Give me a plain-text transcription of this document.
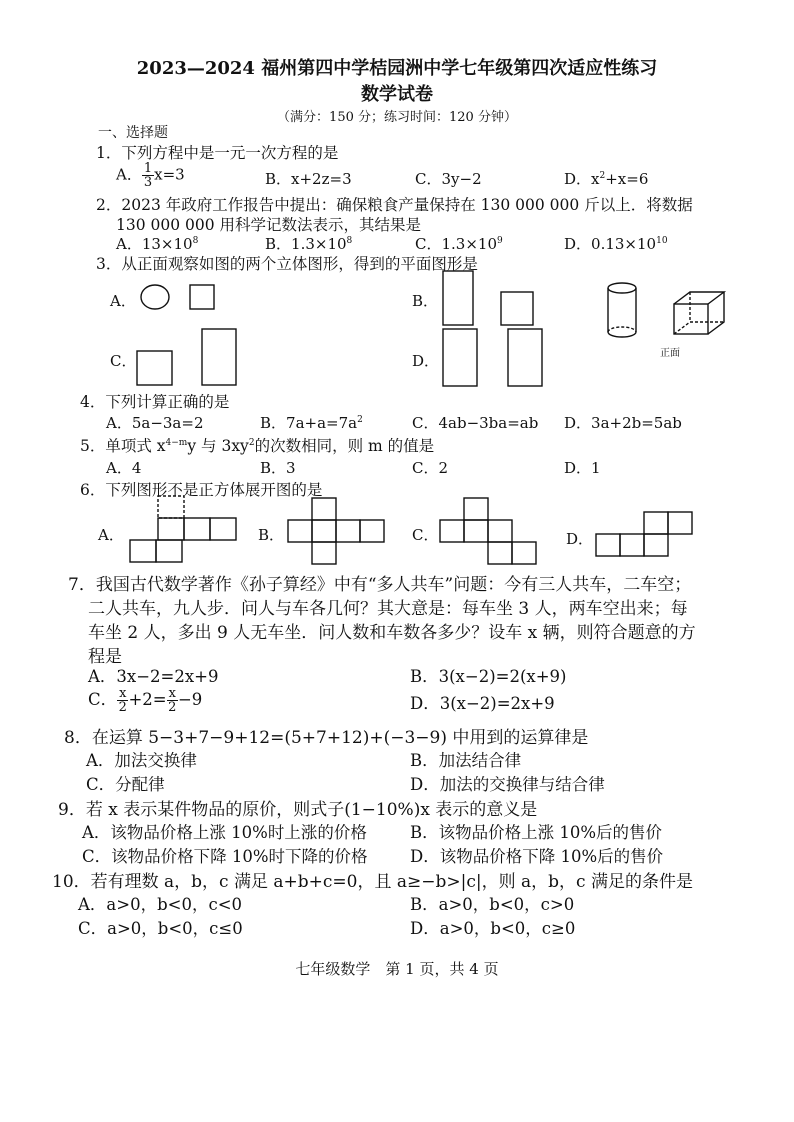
2023—2024 福州第四中学桔园洲中学七年级第四次适应性练习
数学试卷
（满分：150 分；练习时间：120 分钟）
一、选择题
1．下列方程中是一元一次方程的是
A． $\frac{1}{3} x=3$	B．x+2z=3	C．3y−2	D．$x^2+x=6$
2．2023 年政府工作报告中提出：确保粮食产量保持在 130 000 000 斤以上．将数据
130 000 000 用科学记数法表示，其结果是
A．$13\times 10^8$	B．$1.3\times 10^8$	C．$1.3\times 10^9$	D．$0.13\times 10^{10}$
3．从正面观察如图的两个立体图形，得到的平面图形是
A．	B．
C．	D．	正面
4．下列计算正确的是
A．5a−3a=2	B．$7a+a=7a^2$	C．4ab−3ba=ab D．3a+2b=5ab
5．单项式 $x^{4-m}y$ 与 $3xy^2$的次数相同，则 m 的值是
A．4	B．3	C．2	D．1
6．下列图形不是正方体展开图的是
A．	B．	C．	D．
7．我国古代数学著作《孙子算经》中有“多人共车”问题：今有三人共车，二车空；
二人共车，九人步．问人与车各几何？其大意是：每车坐 3 人，两车空出来；每
车坐 2 人，多出 9 人无车坐．问人数和车数各多少？设车 x 辆，则符合题意的方
程是
A．3x−2=2x+9	B．3(x−2)=2(x+9)
C． $\frac{x}{2} +2= \frac{x}{2} -9$	D．3(x−2)=2x+9
8．在运算 5−3+7−9+12=(5+7+12)+(−3−9) 中用到的运算律是
A．加法交换律	B．加法结合律
C．分配律	D．加法的交换律与结合律
9．若 x 表示某件物品的原价，则式子(1−10%)x 表示的意义是
A．该物品价格上涨 10%时上涨的价格	B．该物品价格上涨 10%后的售价
C．该物品价格下降 10%时下降的价格	D．该物品价格下降 10%后的售价
10．若有理数 a，b，c 满足 a+b+c=0，且 a≥−b>|c|，则 a，b，c 满足的条件是
A．a>0，b<0，c<0	B．a>0，b<0，c>0
C．a>0，b<0，c≤0	D．a>0，b<0，c≥0
七年级数学　第 1 页，共 4 页
